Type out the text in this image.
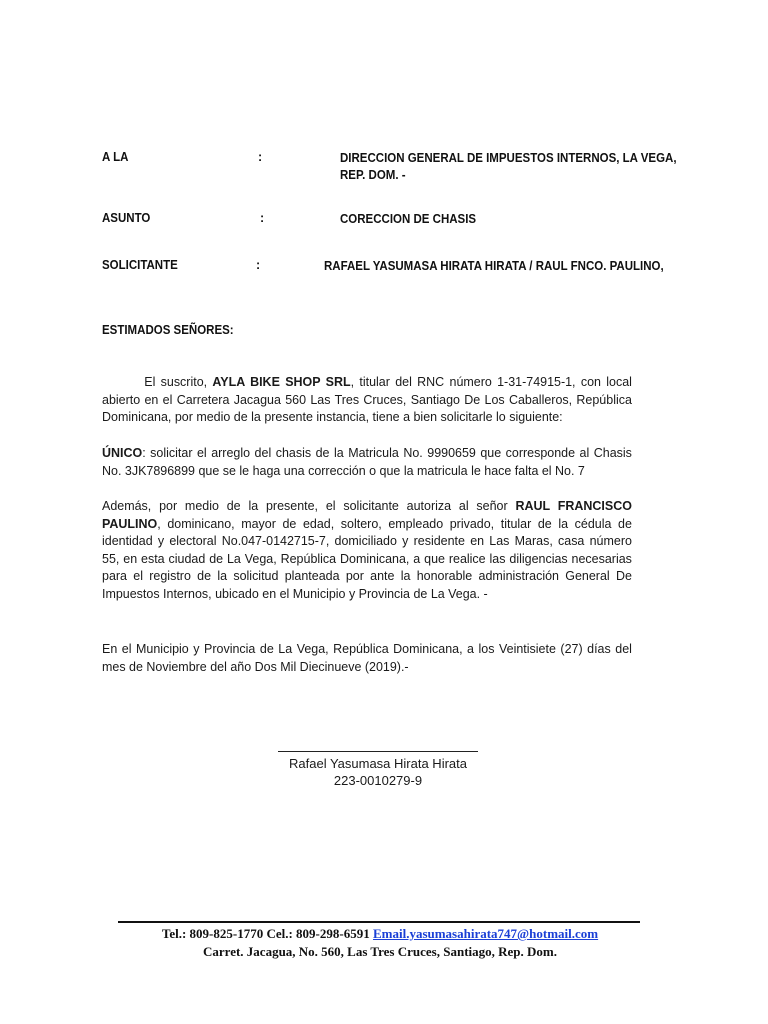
A LA	:	DIRECCION GENERAL DE IMPUESTOS INTERNOS, LA VEGA,
REP. DOM. -
ASUNTO	:	CORECCION DE CHASIS
SOLICITANTE	:	RAFAEL YASUMASA HIRATA HIRATA / RAUL FNCO. PAULINO,
ESTIMADOS SEÑORES:
El suscrito, AYLA BIKE SHOP SRL, titular del RNC número 1-31-74915-1, con local abierto en el Carretera Jacagua 560 Las Tres Cruces, Santiago De Los Caballeros, República Dominicana, por medio de la presente instancia, tiene a bien solicitarle lo siguiente:
ÚNICO: solicitar el arreglo del chasis de la Matricula No. 9990659 que corresponde al Chasis No. 3JK7896899 que se le haga una corrección o que la matricula le hace falta el No. 7
Además, por medio de la presente, el solicitante autoriza al señor RAUL FRANCISCO PAULINO, dominicano, mayor de edad, soltero, empleado privado, titular de la cédula de identidad y electoral No.047-0142715-7, domiciliado y residente en Las Maras, casa número 55, en esta ciudad de La Vega, República Dominicana, a que realice las diligencias necesarias para el registro de la solicitud planteada por ante la honorable administración General De Impuestos Internos, ubicado en el Municipio y Provincia de La Vega. -
En el Municipio y Provincia de La Vega, República Dominicana, a los Veintisiete (27) días del mes de Noviembre del año Dos Mil Diecinueve (2019).-
Rafael Yasumasa Hirata Hirata
223-0010279-9
Tel.: 809-825-1770 Cel.: 809-298-6591 Email.yasumasahirata747@hotmail.com
Carret. Jacagua, No. 560, Las Tres Cruces, Santiago, Rep. Dom.
